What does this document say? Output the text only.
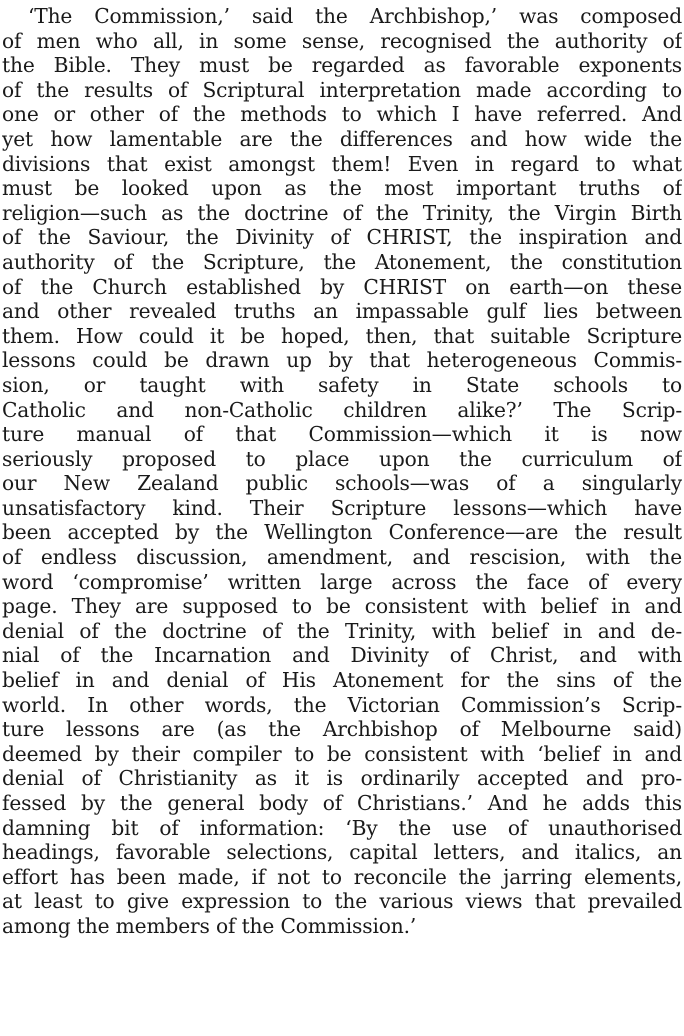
‘The Commission,’ said the Archbishop,’ was composed
of men who all, in some sense, recognised the authority of
the Bible. They must be regarded as favorable exponents
of the results of Scriptural interpretation made according to
one or other of the methods to which I have referred. And
yet how lamentable are the differences and how wide the
divisions that exist amongst them! Even in regard to what
must be looked upon as the most important truths of
religion—such as the doctrine of the Trinity, the Virgin Birth
of the Saviour, the Divinity of CHRIST, the inspiration and
authority of the Scripture, the Atonement, the constitution
of the Church established by CHRIST on earth—on these
and other revealed truths an impassable gulf lies between
them. How could it be hoped, then, that suitable Scripture
lessons could be drawn up by that heterogeneous Commis-
sion, or taught with safety in State schools to
Catholic and non-Catholic children alike?’ The Scrip-
ture manual of that Commission—which it is now
seriously proposed to place upon the curriculum of
our New Zealand public schools—was of a singularly
unsatisfactory kind. Their Scripture lessons—which have
been accepted by the Wellington Conference—are the result
of endless discussion, amendment, and rescision, with the
word ‘compromise’ written large across the face of every
page. They are supposed to be consistent with belief in and
denial of the doctrine of the Trinity, with belief in and de-
nial of the Incarnation and Divinity of Christ, and with
belief in and denial of His Atonement for the sins of the
world. In other words, the Victorian Commission’s Scrip-
ture lessons are (as the Archbishop of Melbourne said)
deemed by their compiler to be consistent with ‘belief in and
denial of Christianity as it is ordinarily accepted and pro-
fessed by the general body of Christians.’ And he adds this
damning bit of information: ‘By the use of unauthorised
headings, favorable selections, capital letters, and italics, an
effort has been made, if not to reconcile the jarring elements,
at least to give expression to the various views that prevailed
among the members of the Commission.’
